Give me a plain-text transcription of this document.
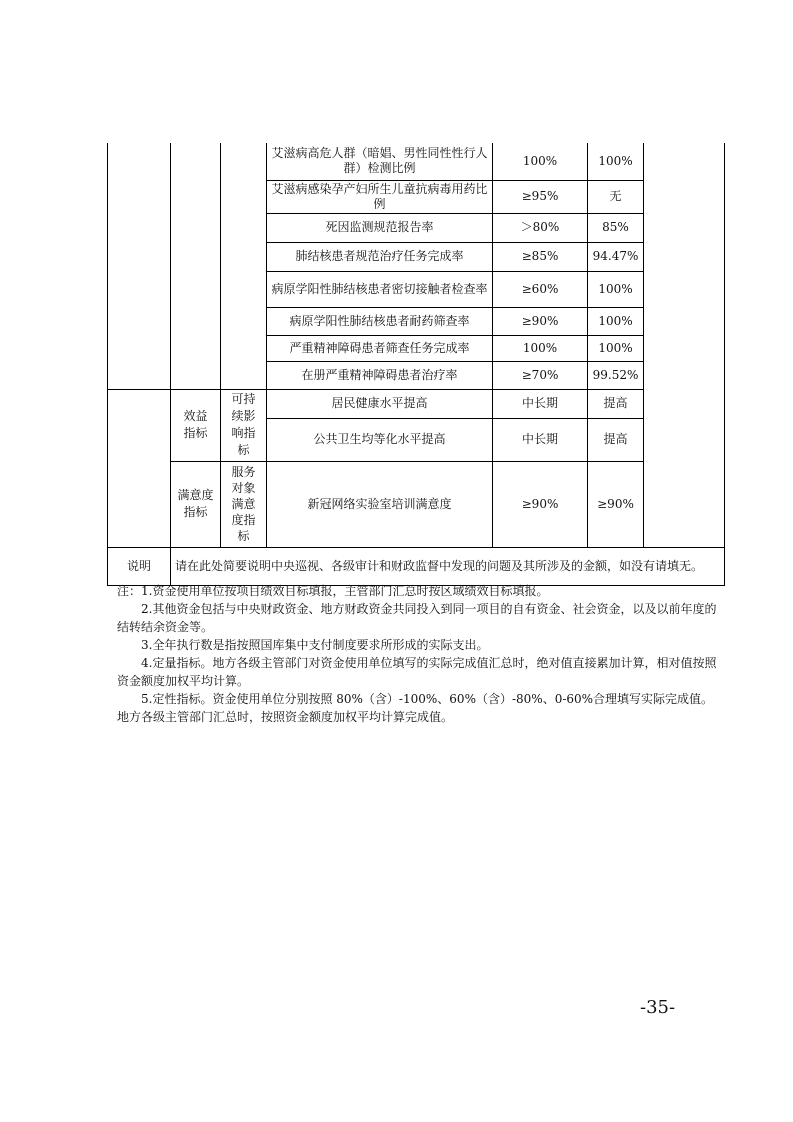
			艾滋病高危人群（暗娼、男性同性性行人群）检测比例	100%	100%	
			艾滋病感染孕产妇所生儿童抗病毒用药比例	≥95%	无	
			死因监测规范报告率	＞80%	85%	
			肺结核患者规范治疗任务完成率	≥85%	94.47%	
			病原学阳性肺结核患者密切接触者检查率	≥60%	100%	
			病原学阳性肺结核患者耐药筛查率	≥90%	100%	
			严重精神障碍患者筛查任务完成率	100%	100%	
			在册严重精神障碍患者治疗率	≥70%	99.52%	

	效益指标	可持续影响指标	居民健康水平提高	中长期	提高	
			公共卫生均等化水平提高	中长期	提高	

	满意度指标	服务对象满意度指标	新冠网络实验室培训满意度	≥90%	≥90%	
说明	请在此处简要说明中央巡视、各级审计和财政监督中发现的问题及其所涉及的金额，如没有请填无。					

注：1.资金使用单位按项目绩效目标填报，主管部门汇总时按区域绩效目标填报。

2.其他资金包括与中央财政资金、地方财政资金共同投入到同一项目的自有资金、社会资金，以及以前年度的结转结余资金等。

3.全年执行数是指按照国库集中支付制度要求所形成的实际支出。

4.定量指标。地方各级主管部门对资金使用单位填写的实际完成值汇总时，绝对值直接累加计算，相对值按照资金额度加权平均计算。

5.定性指标。资金使用单位分别按照 80%（含）-100%、60%（含）-80%、0-60%合理填写实际完成值。地方各级主管部门汇总时，按照资金额度加权平均计算完成值。

-35-
